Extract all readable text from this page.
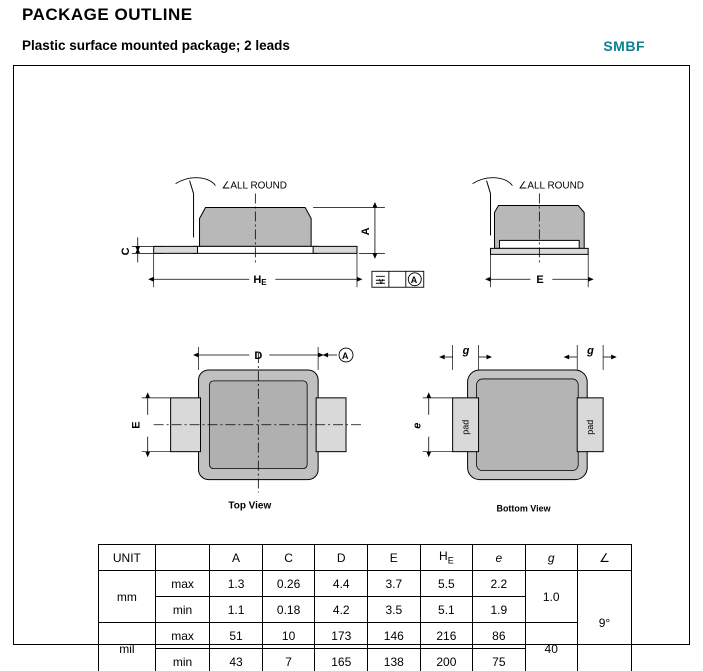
PACKAGE OUTLINE
Plastic surface mounted package; 2 leads	SMBF
∠ALL ROUND	∠ALL ROUND
A
C
HE	E
A
v
D	A
E	e
g	g
pad	pad
Top View	Bottom View
UNIT		A	C	D	E	$H_E$	e	g	∠
mm	max	1.3	0.26	4.4	3.7	5.5	2.2	1.0	9°
	min	1.1	0.18	4.2	3.5	5.1	1.9		
mil	max	51	10	173	146	216	86	40	
	min	43	7	165	138	200	75		
